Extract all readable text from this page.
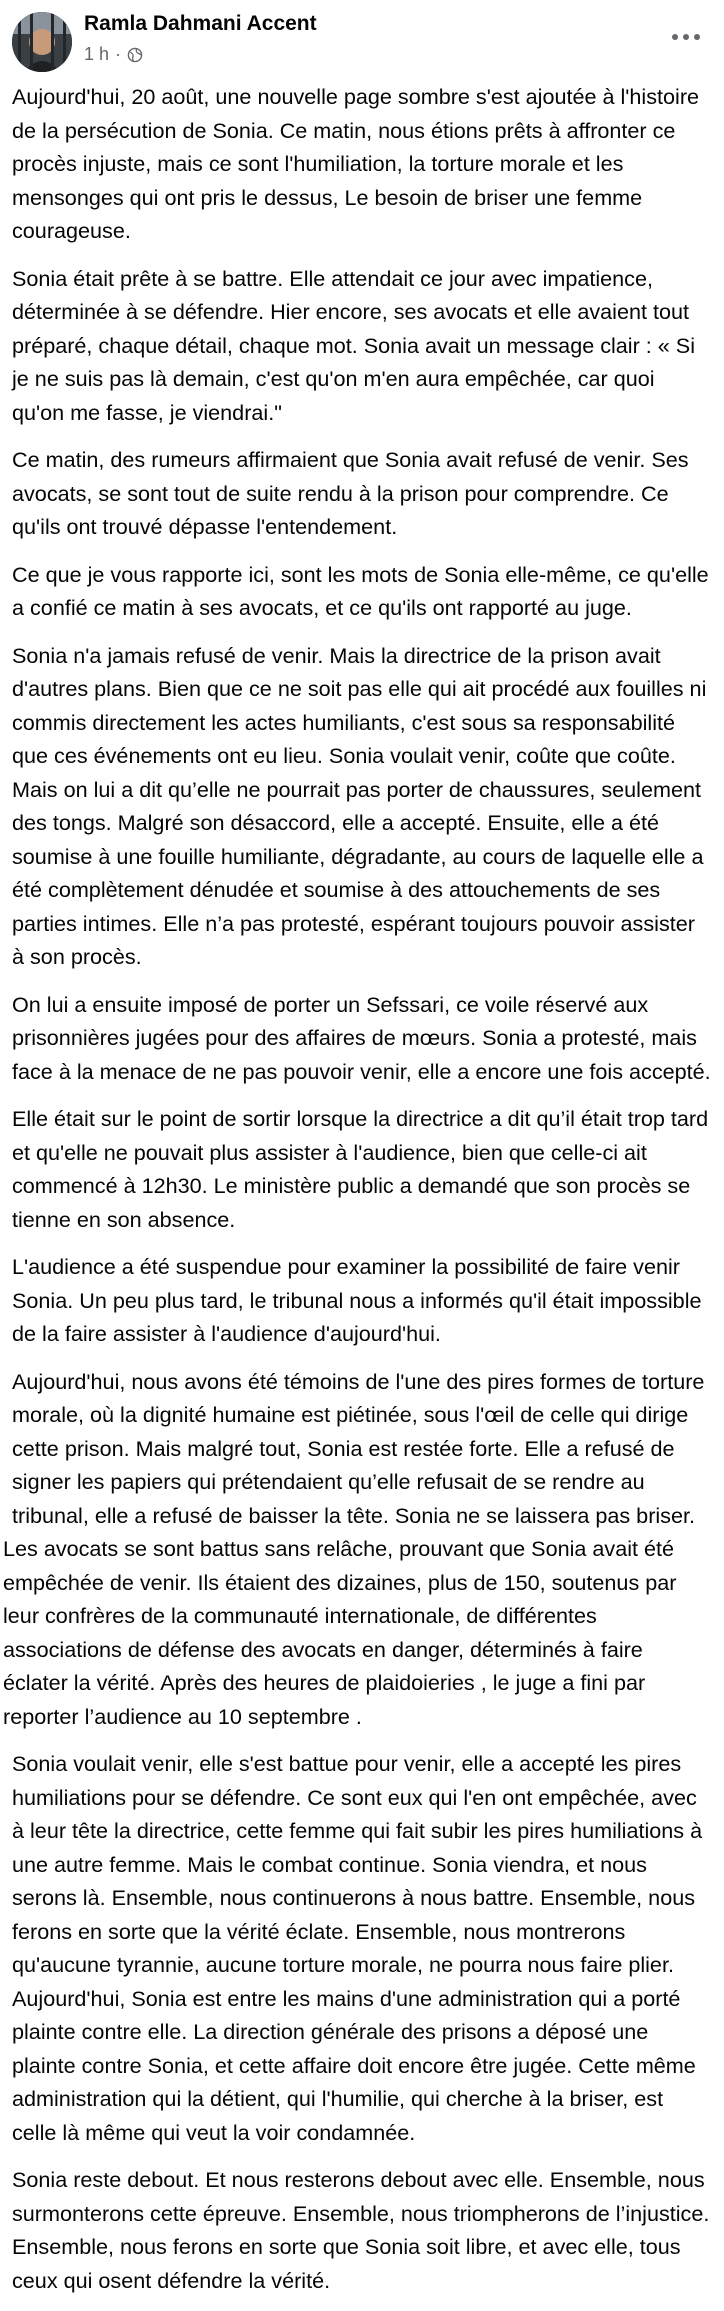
Ramla Dahmani Accent
1 h ·

Aujourd'hui, 20 août, une nouvelle page sombre s'est ajoutée à l'histoire de la persécution de Sonia. Ce matin, nous étions prêts à affronter ce procès injuste, mais ce sont l'humiliation, la torture morale et les mensonges qui ont pris le dessus, Le besoin de briser une femme courageuse.

Sonia était prête à se battre. Elle attendait ce jour avec impatience, déterminée à se défendre. Hier encore, ses avocats et elle avaient tout préparé, chaque détail, chaque mot. Sonia avait un message clair : « Si je ne suis pas là demain, c'est qu'on m'en aura empêchée, car quoi qu'on me fasse, je viendrai."

Ce matin, des rumeurs affirmaient que Sonia avait refusé de venir. Ses avocats, se sont tout de suite rendu à la prison pour comprendre. Ce qu'ils ont trouvé dépasse l'entendement.

Ce que je vous rapporte ici, sont les mots de Sonia elle-même, ce qu'elle a confié ce matin à ses avocats, et ce qu'ils ont rapporté au juge.

Sonia n'a jamais refusé de venir. Mais la directrice de la prison avait d'autres plans. Bien que ce ne soit pas elle qui ait procédé aux fouilles ni commis directement les actes humiliants, c'est sous sa responsabilité que ces événements ont eu lieu. Sonia voulait venir, coûte que coûte. Mais on lui a dit qu’elle ne pourrait pas porter de chaussures, seulement des tongs. Malgré son désaccord, elle a accepté. Ensuite, elle a été soumise à une fouille humiliante, dégradante, au cours de laquelle elle a été complètement dénudée et soumise à des attouchements de ses parties intimes. Elle n’a pas protesté, espérant toujours pouvoir assister à son procès.

On lui a ensuite imposé de porter un Sefssari, ce voile réservé aux prisonnières jugées pour des affaires de mœurs. Sonia a protesté, mais face à la menace de ne pas pouvoir venir, elle a encore une fois accepté.

Elle était sur le point de sortir lorsque la directrice a dit qu’il était trop tard et qu'elle ne pouvait plus assister à l'audience, bien que celle-ci ait commencé à 12h30. Le ministère public a demandé que son procès se tienne en son absence.

L'audience a été suspendue pour examiner la possibilité de faire venir Sonia. Un peu plus tard, le tribunal nous a informés qu'il était impossible de la faire assister à l'audience d'aujourd'hui.

Aujourd'hui, nous avons été témoins de l'une des pires formes de torture morale, où la dignité humaine est piétinée, sous l'œil de celle qui dirige cette prison. Mais malgré tout, Sonia est restée forte. Elle a refusé de signer les papiers qui prétendaient qu’elle refusait de se rendre au tribunal, elle a refusé de baisser la tête. Sonia ne se laissera pas briser.

Les avocats se sont battus sans relâche, prouvant que Sonia avait été empêchée de venir. Ils étaient des dizaines, plus de 150, soutenus par leur confrères de la communauté internationale, de différentes associations de défense des avocats en danger, déterminés à faire éclater la vérité. Après des heures de plaidoieries , le juge a fini par reporter l’audience au 10 septembre .

Sonia voulait venir, elle s'est battue pour venir, elle a accepté les pires humiliations pour se défendre. Ce sont eux qui l'en ont empêchée, avec à leur tête la directrice, cette femme qui fait subir les pires humiliations à une autre femme. Mais le combat continue. Sonia viendra, et nous serons là. Ensemble, nous continuerons à nous battre. Ensemble, nous ferons en sorte que la vérité éclate. Ensemble, nous montrerons qu'aucune tyrannie, aucune torture morale, ne pourra nous faire plier. Aujourd'hui, Sonia est entre les mains d'une administration qui a porté plainte contre elle. La direction générale des prisons a déposé une plainte contre Sonia, et cette affaire doit encore être jugée. Cette même administration qui la détient, qui l'humilie, qui cherche à la briser, est celle là même qui veut la voir condamnée.

Sonia reste debout. Et nous resterons debout avec elle. Ensemble, nous surmonterons cette épreuve. Ensemble, nous triompherons de l’injustice. Ensemble, nous ferons en sorte que Sonia soit libre, et avec elle, tous ceux qui osent défendre la vérité.
